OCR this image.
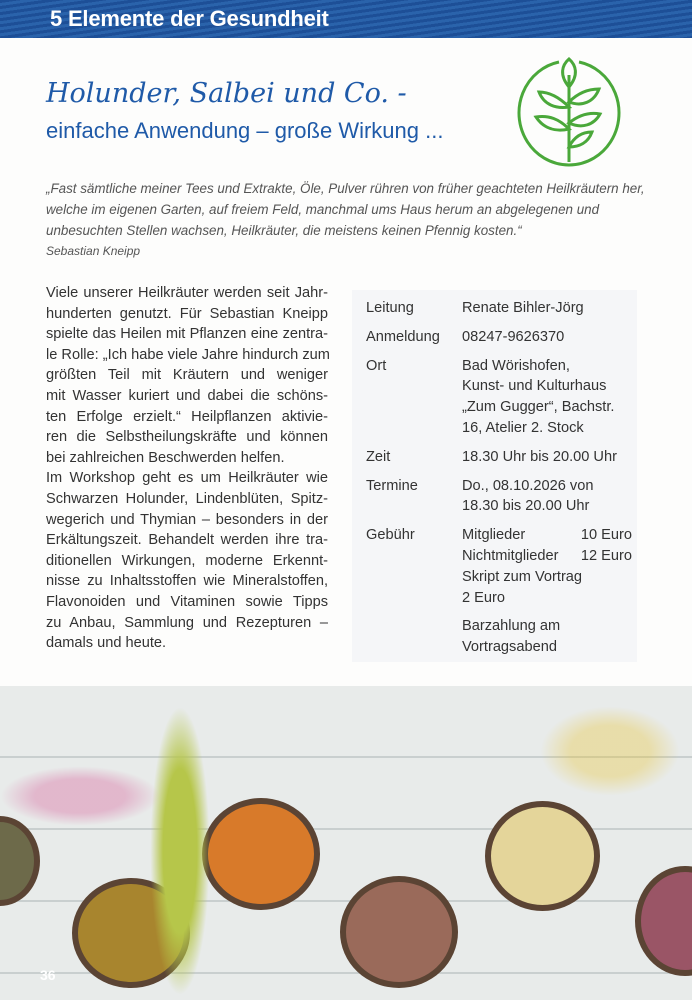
5 Elemente der Gesundheit
Holunder, Salbei und Co. -
einfache Anwendung – große Wirkung ...
„Fast sämtliche meiner Tees und Extrakte, Öle, Pulver rühren von früher geachteten Heilkräutern her, welche im eigenen Garten, auf freiem Feld, manchmal ums Haus herum an abgelegenen und unbesuchten Stellen wachsen, Heilkräuter, die meistens keinen Pfennig kosten.“
Sebastian Kneipp
Viele unserer Heilkräuter werden seit Jahr-
hunderten genutzt. Für Sebastian Kneipp
spielte das Heilen mit Pflanzen eine zentra-
le Rolle: „Ich habe viele Jahre hindurch zum
größten Teil mit Kräutern und weniger
mit Wasser kuriert und dabei die schöns-
ten Erfolge erzielt.“ Heilpflanzen aktivie-
ren die Selbstheilungskräfte und können
bei zahlreichen Beschwerden helfen.
Im Workshop geht es um Heilkräuter wie
Schwarzen Holunder, Lindenblüten, Spitz-
wegerich und Thymian – besonders in der
Erkältungszeit. Behandelt werden ihre tra-
ditionellen Wirkungen, moderne Erkennt-
nisse zu Inhaltsstoffen wie Mineralstoffen,
Flavonoiden und Vitaminen sowie Tipps
zu Anbau, Sammlung und Rezepturen –
damals und heute.
Leitung	Renate Bihler-Jörg
Anmeldung	08247-9626370
Ort	Bad Wörishofen,
Kunst- und Kulturhaus
„Zum Gugger“, Bachstr.
16, Atelier 2. Stock
Zeit	18.30 Uhr bis 20.00 Uhr
Termine	Do., 08.10.2026 von
18.30 bis 20.00 Uhr
Gebühr	Mitglieder	10 Euro
Nichtmitglieder 12 Euro
Skript zum Vortrag
2 Euro
Barzahlung am
Vortragsabend
36
